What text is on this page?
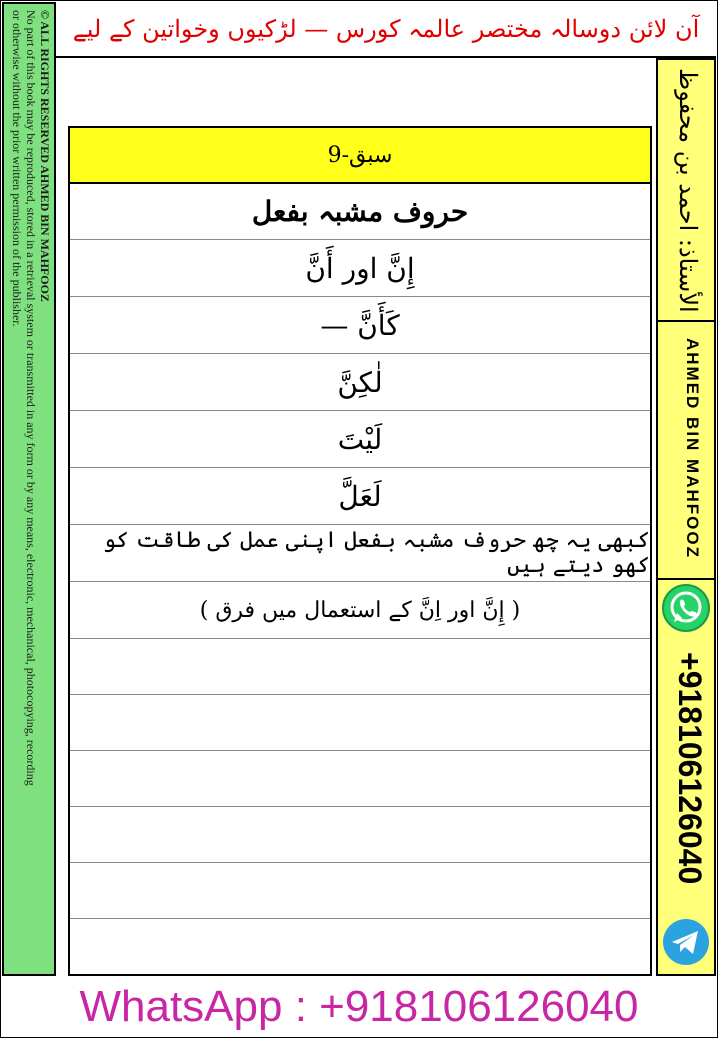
© ALL RIGHTS RESERVED AHMED BIN MAHFOOZ
No part of this book may be reproduced, stored in a retrieval system or transmitted in any form or by any means, electronic, mechanical, photocopying, recording
or otherwise without the prior written permission of the publisher. آن لائن دوسالہ مختصر عالمہ کورس — لڑکیوں وخواتین کے لیے
الأستاذ: احمد بن محفوظ
AHMED BIN MAHFOOZ
+918106126040
سبق-9
حروف مشبہ بفعل
إِنَّ اور أَنَّ
كَأَنَّ —
لٰكِنَّ
لَيْتَ
لَعَلَّ
کبھی یہ چھ حروف مشبہ بفعل اپنی عمل کی طاقت کو کھو دیتے ہیں
( إِنَّ اور اِنَّ کے استعمال میں فرق )
WhatsApp : +918106126040
